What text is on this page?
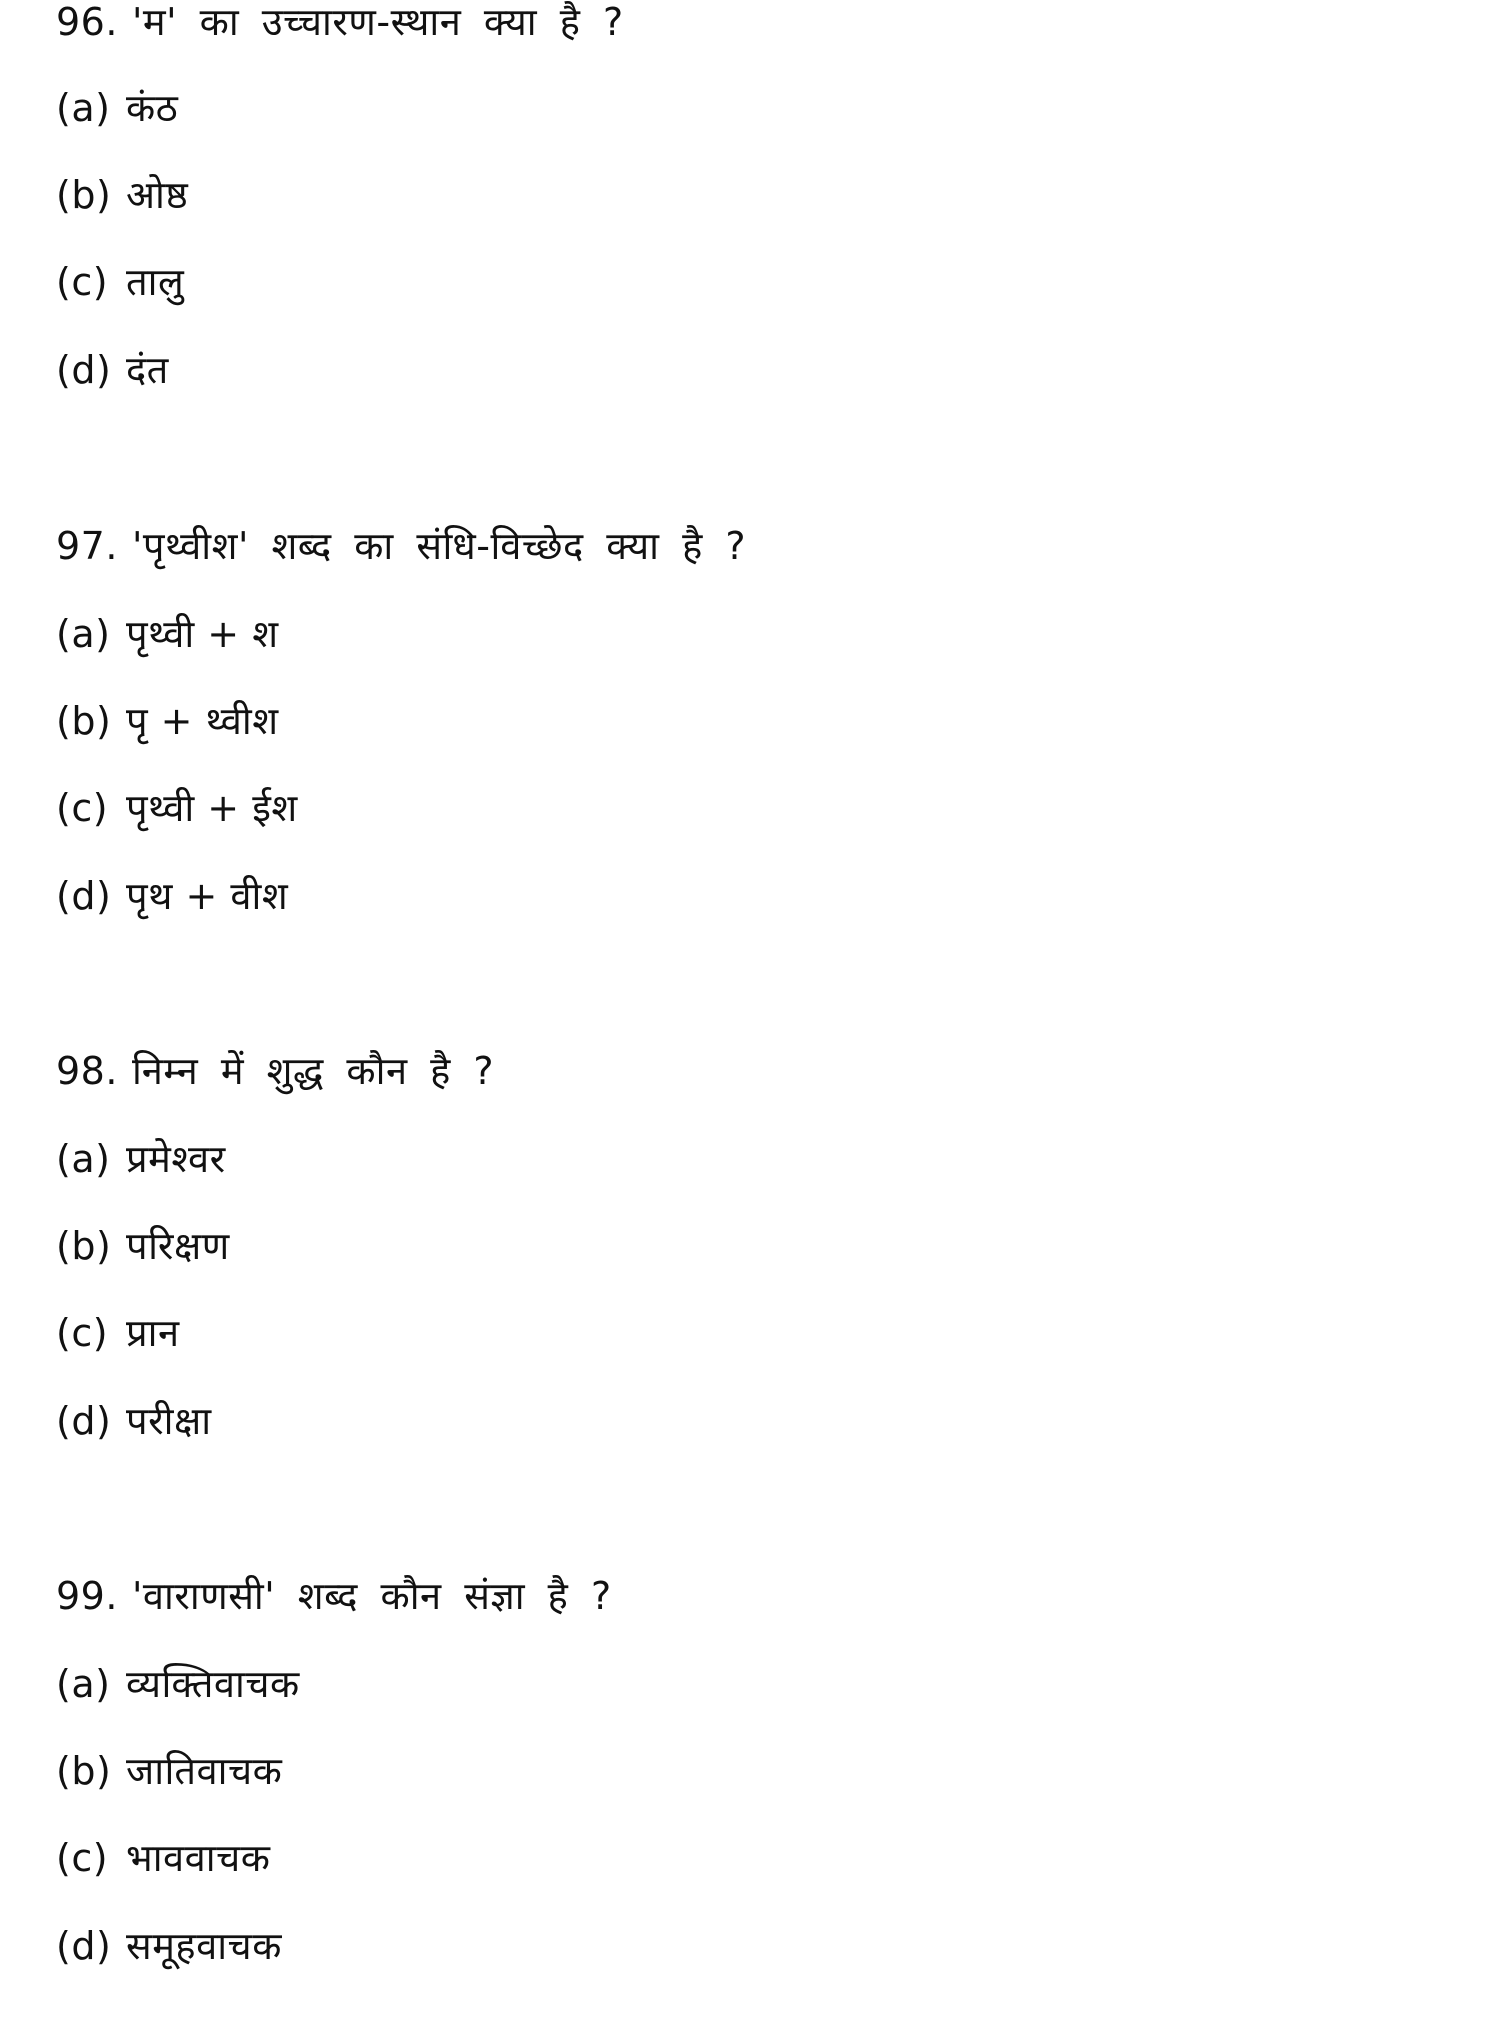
96. 'म' का उच्चारण-स्थान क्या है ?
(a) कंठ
(b) ओष्ठ
(c) तालु
(d) दंत
97. 'पृथ्वीश' शब्द का संधि-विच्छेद क्या है ?
(a) पृथ्वी + श
(b) पृ + थ्वीश
(c) पृथ्वी + ईश
(d) पृथ + वीश
98. निम्न में शुद्ध कौन है ?
(a) प्रमेश्वर
(b) परिक्षण
(c) प्रान
(d) परीक्षा
99. 'वाराणसी' शब्द कौन संज्ञा है ?
(a) व्यक्तिवाचक
(b) जातिवाचक
(c) भाववाचक
(d) समूहवाचक
